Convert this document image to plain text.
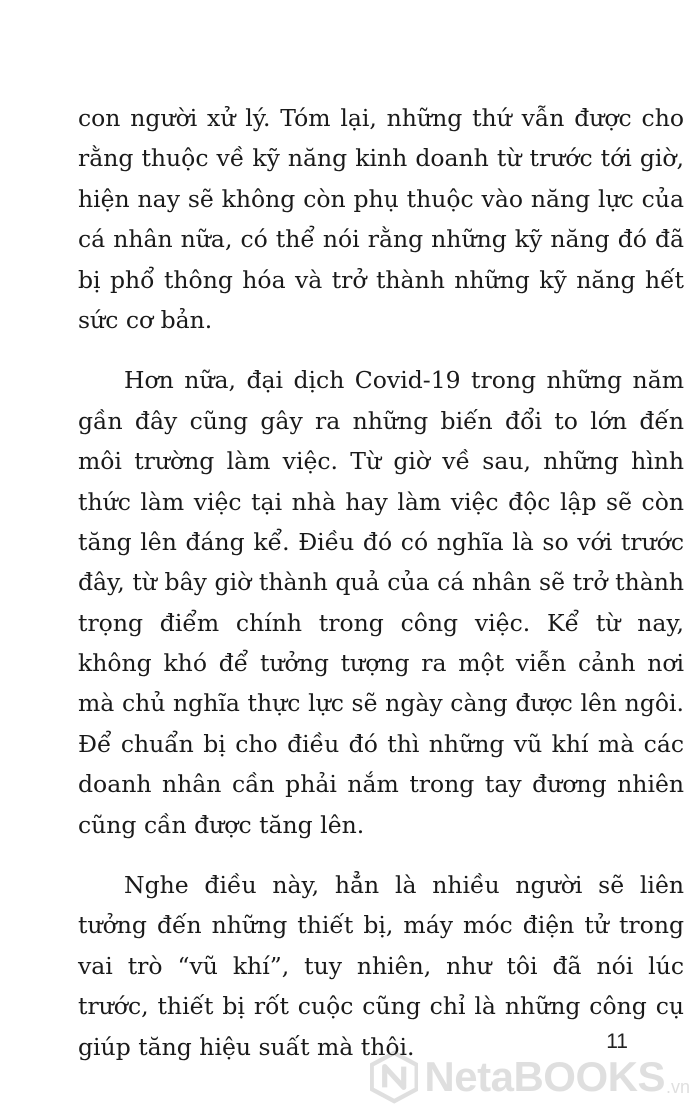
con người xử lý. Tóm lại, những thứ vẫn được cho
rằng thuộc về kỹ năng kinh doanh từ trước tới giờ,
hiện nay sẽ không còn phụ thuộc vào năng lực của
cá nhân nữa, có thể nói rằng những kỹ năng đó đã
bị phổ thông hóa và trở thành những kỹ năng hết
sức cơ bản.
Hơn nữa, đại dịch Covid-19 trong những năm
gần đây cũng gây ra những biến đổi to lớn đến
môi trường làm việc. Từ giờ về sau, những hình
thức làm việc tại nhà hay làm việc độc lập sẽ còn
tăng lên đáng kể. Điều đó có nghĩa là so với trước
đây, từ bây giờ thành quả của cá nhân sẽ trở thành
trọng điểm chính trong công việc. Kể từ nay,
không khó để tưởng tượng ra một viễn cảnh nơi
mà chủ nghĩa thực lực sẽ ngày càng được lên ngôi.
Để chuẩn bị cho điều đó thì những vũ khí mà các
doanh nhân cần phải nắm trong tay đương nhiên
cũng cần được tăng lên.
Nghe điều này, hẳn là nhiều người sẽ liên
tưởng đến những thiết bị, máy móc điện tử trong
vai trò “vũ khí”, tuy nhiên, như tôi đã nói lúc
trước, thiết bị rốt cuộc cũng chỉ là những công cụ
giúp tăng hiệu suất mà thôi.	11
NetaBOOKS .vn
